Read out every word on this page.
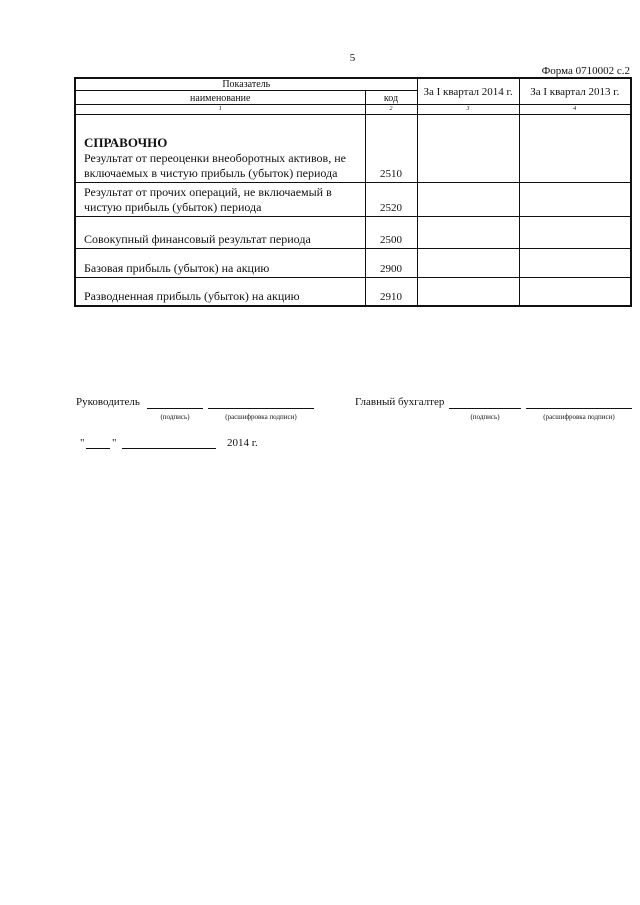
5
Форма 0710002 с.2
Показатель		За I квартал 2014 г.	За I квартал 2013 г.
наименование	код		
1	2	3	4

СПРАВОЧНО
Результат от переоценки внеоборотных активов, не включаемых в чистую прибыль (убыток) периода	2510		
Результат от прочих операций, не включаемый в чистую прибыль (убыток) периода	2520		
Совокупный финансовый результат периода	2500		
Базовая прибыль (убыток) на акцию	2900		
Разводненная прибыль (убыток) на акцию	2910		
Руководитель
(подпись)	(расшифровка подписи)
Главный бухгалтер
(подпись)	(расшифровка подписи)
"	"	2014 г.
